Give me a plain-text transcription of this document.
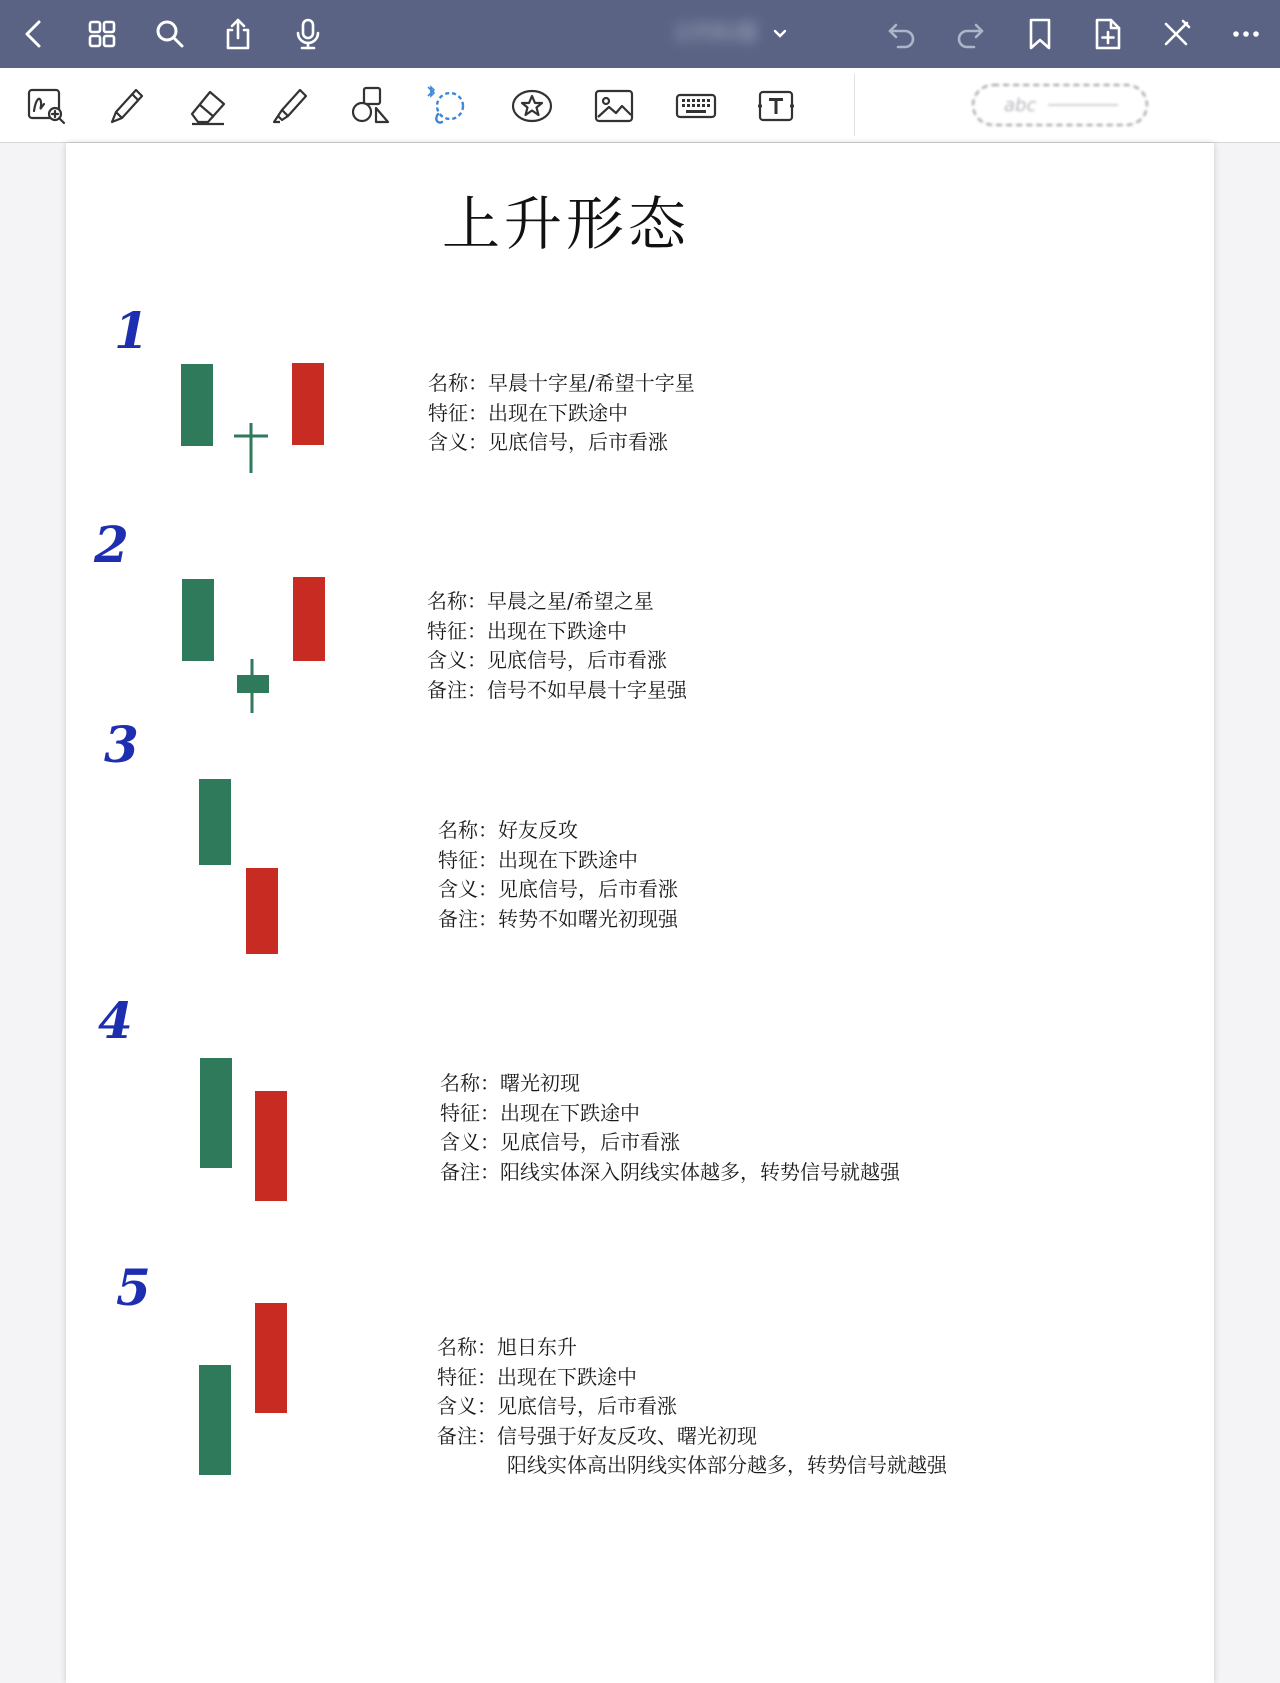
文档标题
abc
上升形态
1
2
3
4
5
名称：早晨十字星/希望十字星
特征：出现在下跌途中
含义：见底信号，后市看涨
名称：早晨之星/希望之星
特征：出现在下跌途中
含义：见底信号，后市看涨
备注：信号不如早晨十字星强
名称：好友反攻
特征：出现在下跌途中
含义：见底信号，后市看涨
备注：转势不如曙光初现强
名称：曙光初现
特征：出现在下跌途中
含义：见底信号，后市看涨
备注：阳线实体深入阴线实体越多，转势信号就越强
名称：旭日东升
特征：出现在下跌途中
含义：见底信号，后市看涨
备注：信号强于好友反攻、曙光初现
阳线实体高出阴线实体部分越多，转势信号就越强
